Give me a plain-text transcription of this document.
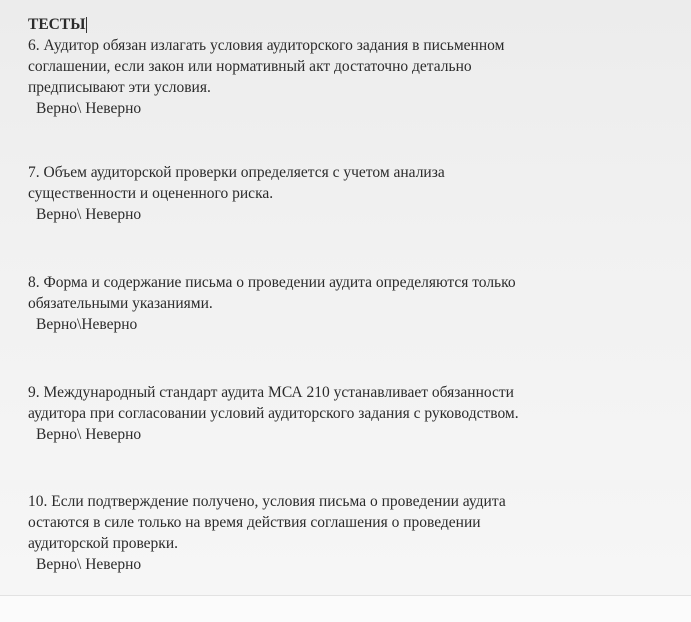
ТЕСТЫ
6. Аудитор обязан излагать условия аудиторского задания в письменном
соглашении, если закон или нормативный акт достаточно детально
предписывают эти условия.
Верно\ Неверно
7. Объем аудиторской проверки определяется с учетом анализа
существенности и оцененного риска.
Верно\ Неверно
8. Форма и содержание письма о проведении аудита определяются только
обязательными указаниями.
Верно\Неверно
9. Международный стандарт аудита МСА 210 устанавливает обязанности
аудитора при согласовании условий аудиторского задания с руководством.
Верно\ Неверно
10. Если подтверждение получено, условия письма о проведении аудита
остаются в силе только на время действия соглашения о проведении
аудиторской проверки.
Верно\ Неверно
